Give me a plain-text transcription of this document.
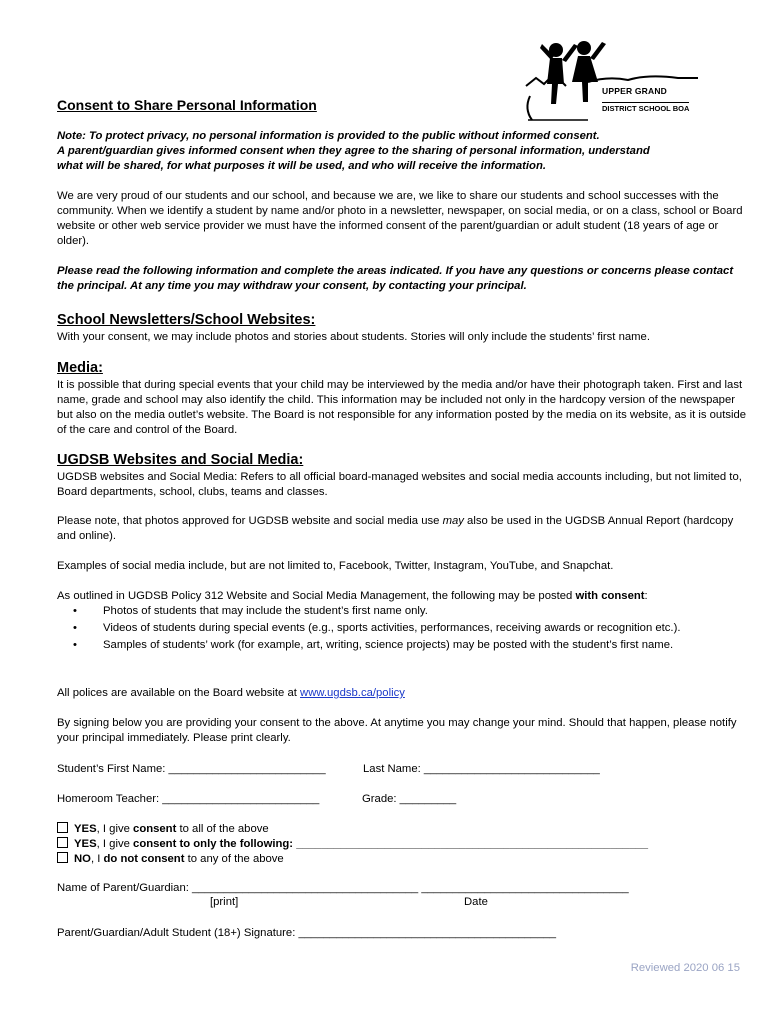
UPPER GRAND
DISTRICT SCHOOL BOA
Consent to Share Personal Information
Note: To protect privacy, no personal information is provided to the public without informed consent.
A parent/guardian gives informed consent when they agree to the sharing of personal information, understand
what will be shared, for what purposes it will be used, and who will receive the information.
We are very proud of our students and our school, and because we are, we like to share our students and school successes with the community. When we identify a student by name and/or photo in a newsletter, newspaper, on social media, or on a class, school or Board website or other web service provider we must have the informed consent of the parent/guardian or adult student (18 years of age or older).
Please read the following information and complete the areas indicated. If you have any questions or concerns please contact the principal. At any time you may withdraw your consent, by contacting your principal.
School Newsletters/School Websites:
With your consent, we may include photos and stories about students. Stories will only include the students’ first name.
Media:
It is possible that during special events that your child may be interviewed by the media and/or have their photograph taken. First and last name, grade and school may also identify the child. This information may be included not only in the hardcopy version of the newspaper but also on the media outlet’s website. The Board is not responsible for any information posted by the media on its website, as it is outside of the care and control of the Board.
UGDSB Websites and Social Media:
UGDSB websites and Social Media: Refers to all official board-managed websites and social media accounts including, but not limited to, Board departments, school, clubs, teams and classes.
Please note, that photos approved for UGDSB website and social media use may also be used in the UGDSB Annual Report (hardcopy and online).
Examples of social media include, but are not limited to, Facebook, Twitter, Instagram, YouTube, and Snapchat.
As outlined in UGDSB Policy 312 Website and Social Media Management, the following may be posted with consent:
• Photos of students that may include the student’s first name only.
• Videos of students during special events (e.g., sports activities, performances, receiving awards or recognition etc.).
• Samples of students’ work (for example, art, writing, science projects) may be posted with the student’s first name.
All polices are available on the Board website at www.ugdsb.ca/policy
By signing below you are providing your consent to the above. At anytime you may change your mind. Should that happen, please notify your principal immediately. Please print clearly.
Student’s First Name: _________________________	Last Name: ____________________________
Homeroom Teacher: _________________________	Grade: _________
YES, I give consent to all of the above
YES, I give consent to only the following: ________________________________________________________
NO, I do not consent to any of the above
Name of Parent/Guardian: ____________________________________ _________________________________
[print]	Date
Parent/Guardian/Adult Student (18+) Signature: _________________________________________
Reviewed 2020 06 15
